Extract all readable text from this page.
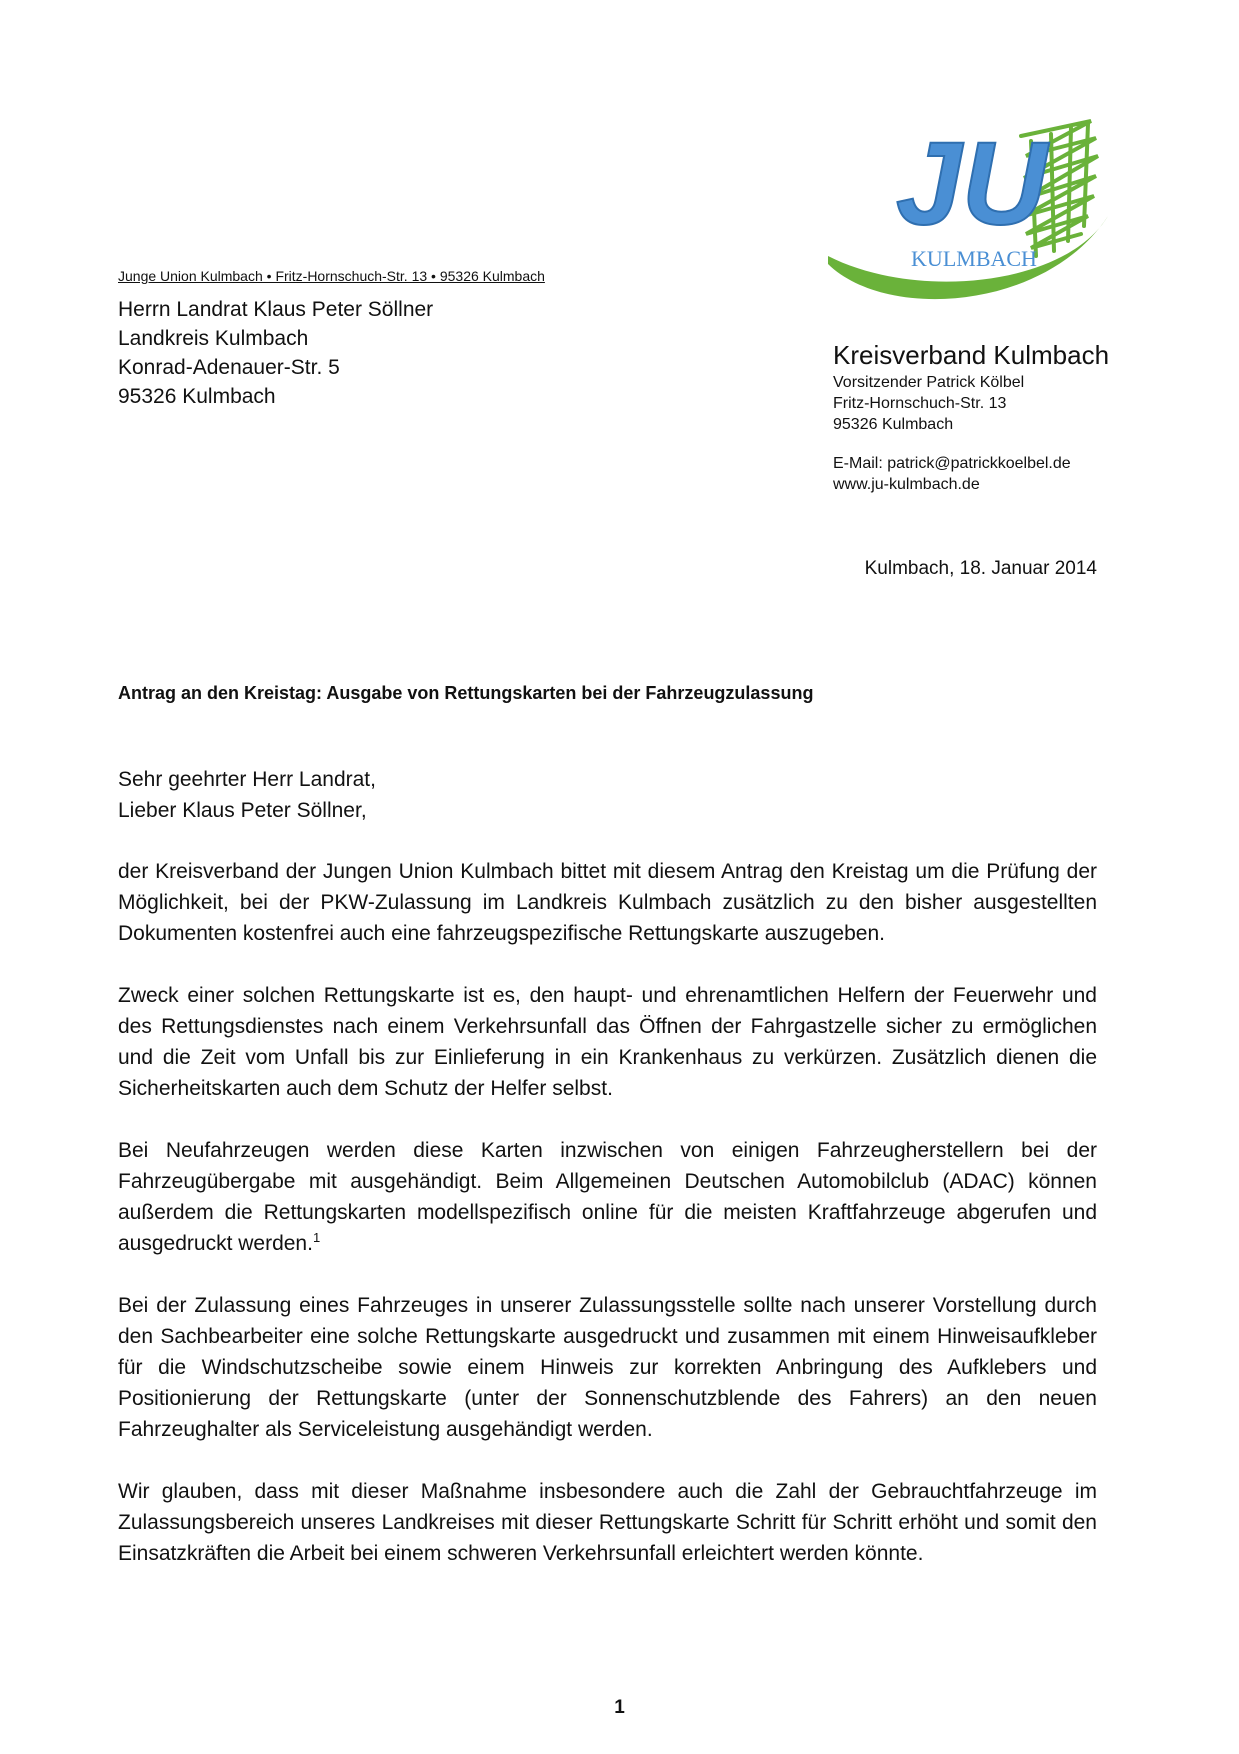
JU
KULMBACH
Junge Union Kulmbach • Fritz-Hornschuch-Str. 13 • 95326 Kulmbach
Herrn Landrat Klaus Peter Söllner
Landkreis Kulmbach
Konrad-Adenauer-Str. 5
95326 Kulmbach
Kreisverband Kulmbach
Vorsitzender Patrick Kölbel
Fritz-Hornschuch-Str. 13
95326 Kulmbach
E-Mail: patrick@patrickkoelbel.de
www.ju-kulmbach.de
Kulmbach, 18. Januar 2014
Antrag an den Kreistag: Ausgabe von Rettungskarten bei der Fahrzeugzulassung
Sehr geehrter Herr Landrat,
Lieber Klaus Peter Söllner,

der Kreisverband der Jungen Union Kulmbach bittet mit diesem Antrag den Kreistag um die Prüfung der Möglichkeit, bei der PKW-Zulassung im Landkreis Kulmbach zusätzlich zu den bisher ausgestellten Dokumenten kostenfrei auch eine fahrzeugspezifische Rettungskarte auszugeben.

Zweck einer solchen Rettungskarte ist es, den haupt- und ehrenamtlichen Helfern der Feuerwehr und des Rettungsdienstes nach einem Verkehrsunfall das Öffnen der Fahrgastzelle sicher zu ermöglichen und die Zeit vom Unfall bis zur Einlieferung in ein Krankenhaus zu verkürzen. Zusätzlich dienen die Sicherheitskarten auch dem Schutz der Helfer selbst.

Bei Neufahrzeugen werden diese Karten inzwischen von einigen Fahrzeugherstellern bei der Fahrzeugübergabe mit ausgehändigt. Beim Allgemeinen Deutschen Automobilclub (ADAC) können außerdem die Rettungskarten modellspezifisch online für die meisten Kraftfahrzeuge abgerufen und ausgedruckt werden.$^1$

Bei der Zulassung eines Fahrzeuges in unserer Zulassungsstelle sollte nach unserer Vorstellung durch den Sachbearbeiter eine solche Rettungskarte ausgedruckt und zusammen mit einem Hinweisaufkleber für die Windschutzscheibe sowie einem Hinweis zur korrekten Anbringung des Aufklebers und Positionierung der Rettungskarte (unter der Sonnenschutzblende des Fahrers) an den neuen Fahrzeughalter als Serviceleistung ausgehändigt werden.

Wir glauben, dass mit dieser Maßnahme insbesondere auch die Zahl der Gebrauchtfahrzeuge im Zulassungsbereich unseres Landkreises mit dieser Rettungskarte Schritt für Schritt erhöht und somit den Einsatzkräften die Arbeit bei einem schweren Verkehrsunfall erleichtert werden könnte.

1
